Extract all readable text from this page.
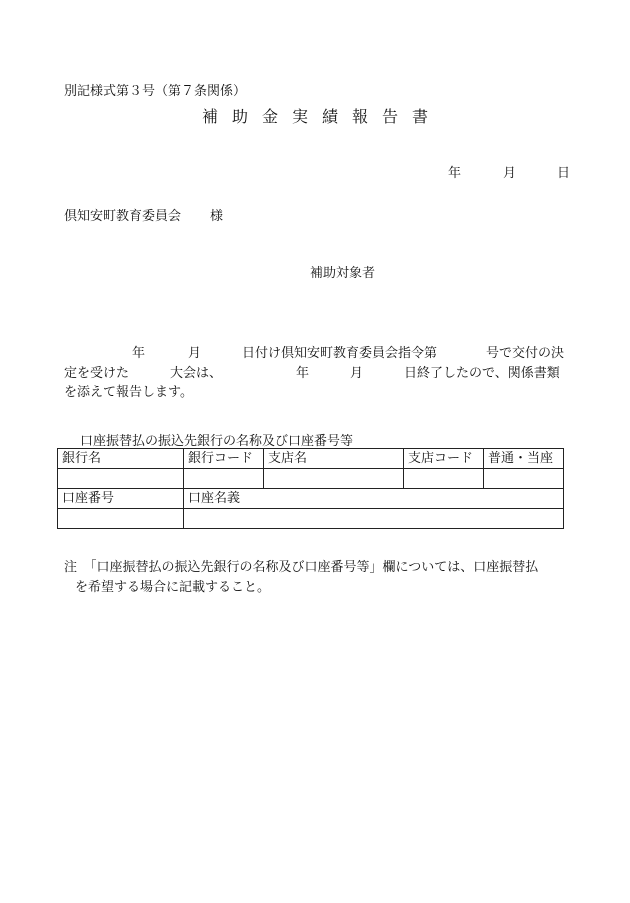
別記様式第３号（第７条関係）
補助金実績報告書
年	月	日
倶知安町教育委員会 様
補助対象者
年	月	日付け倶知安町教育委員会指令第	号で交付の決
定を受けた	大会は、	年	月	日終了したので、関係書類
を添えて報告します。
口座振替払の振込先銀行の名称及び口座番号等
銀行名	銀行コード	支店名	支店コード	普通・当座

口座番号	口座名義			

注　「口座振替払の振込先銀行の名称及び口座番号等」欄については、口座振替払
を希望する場合に記載すること。
